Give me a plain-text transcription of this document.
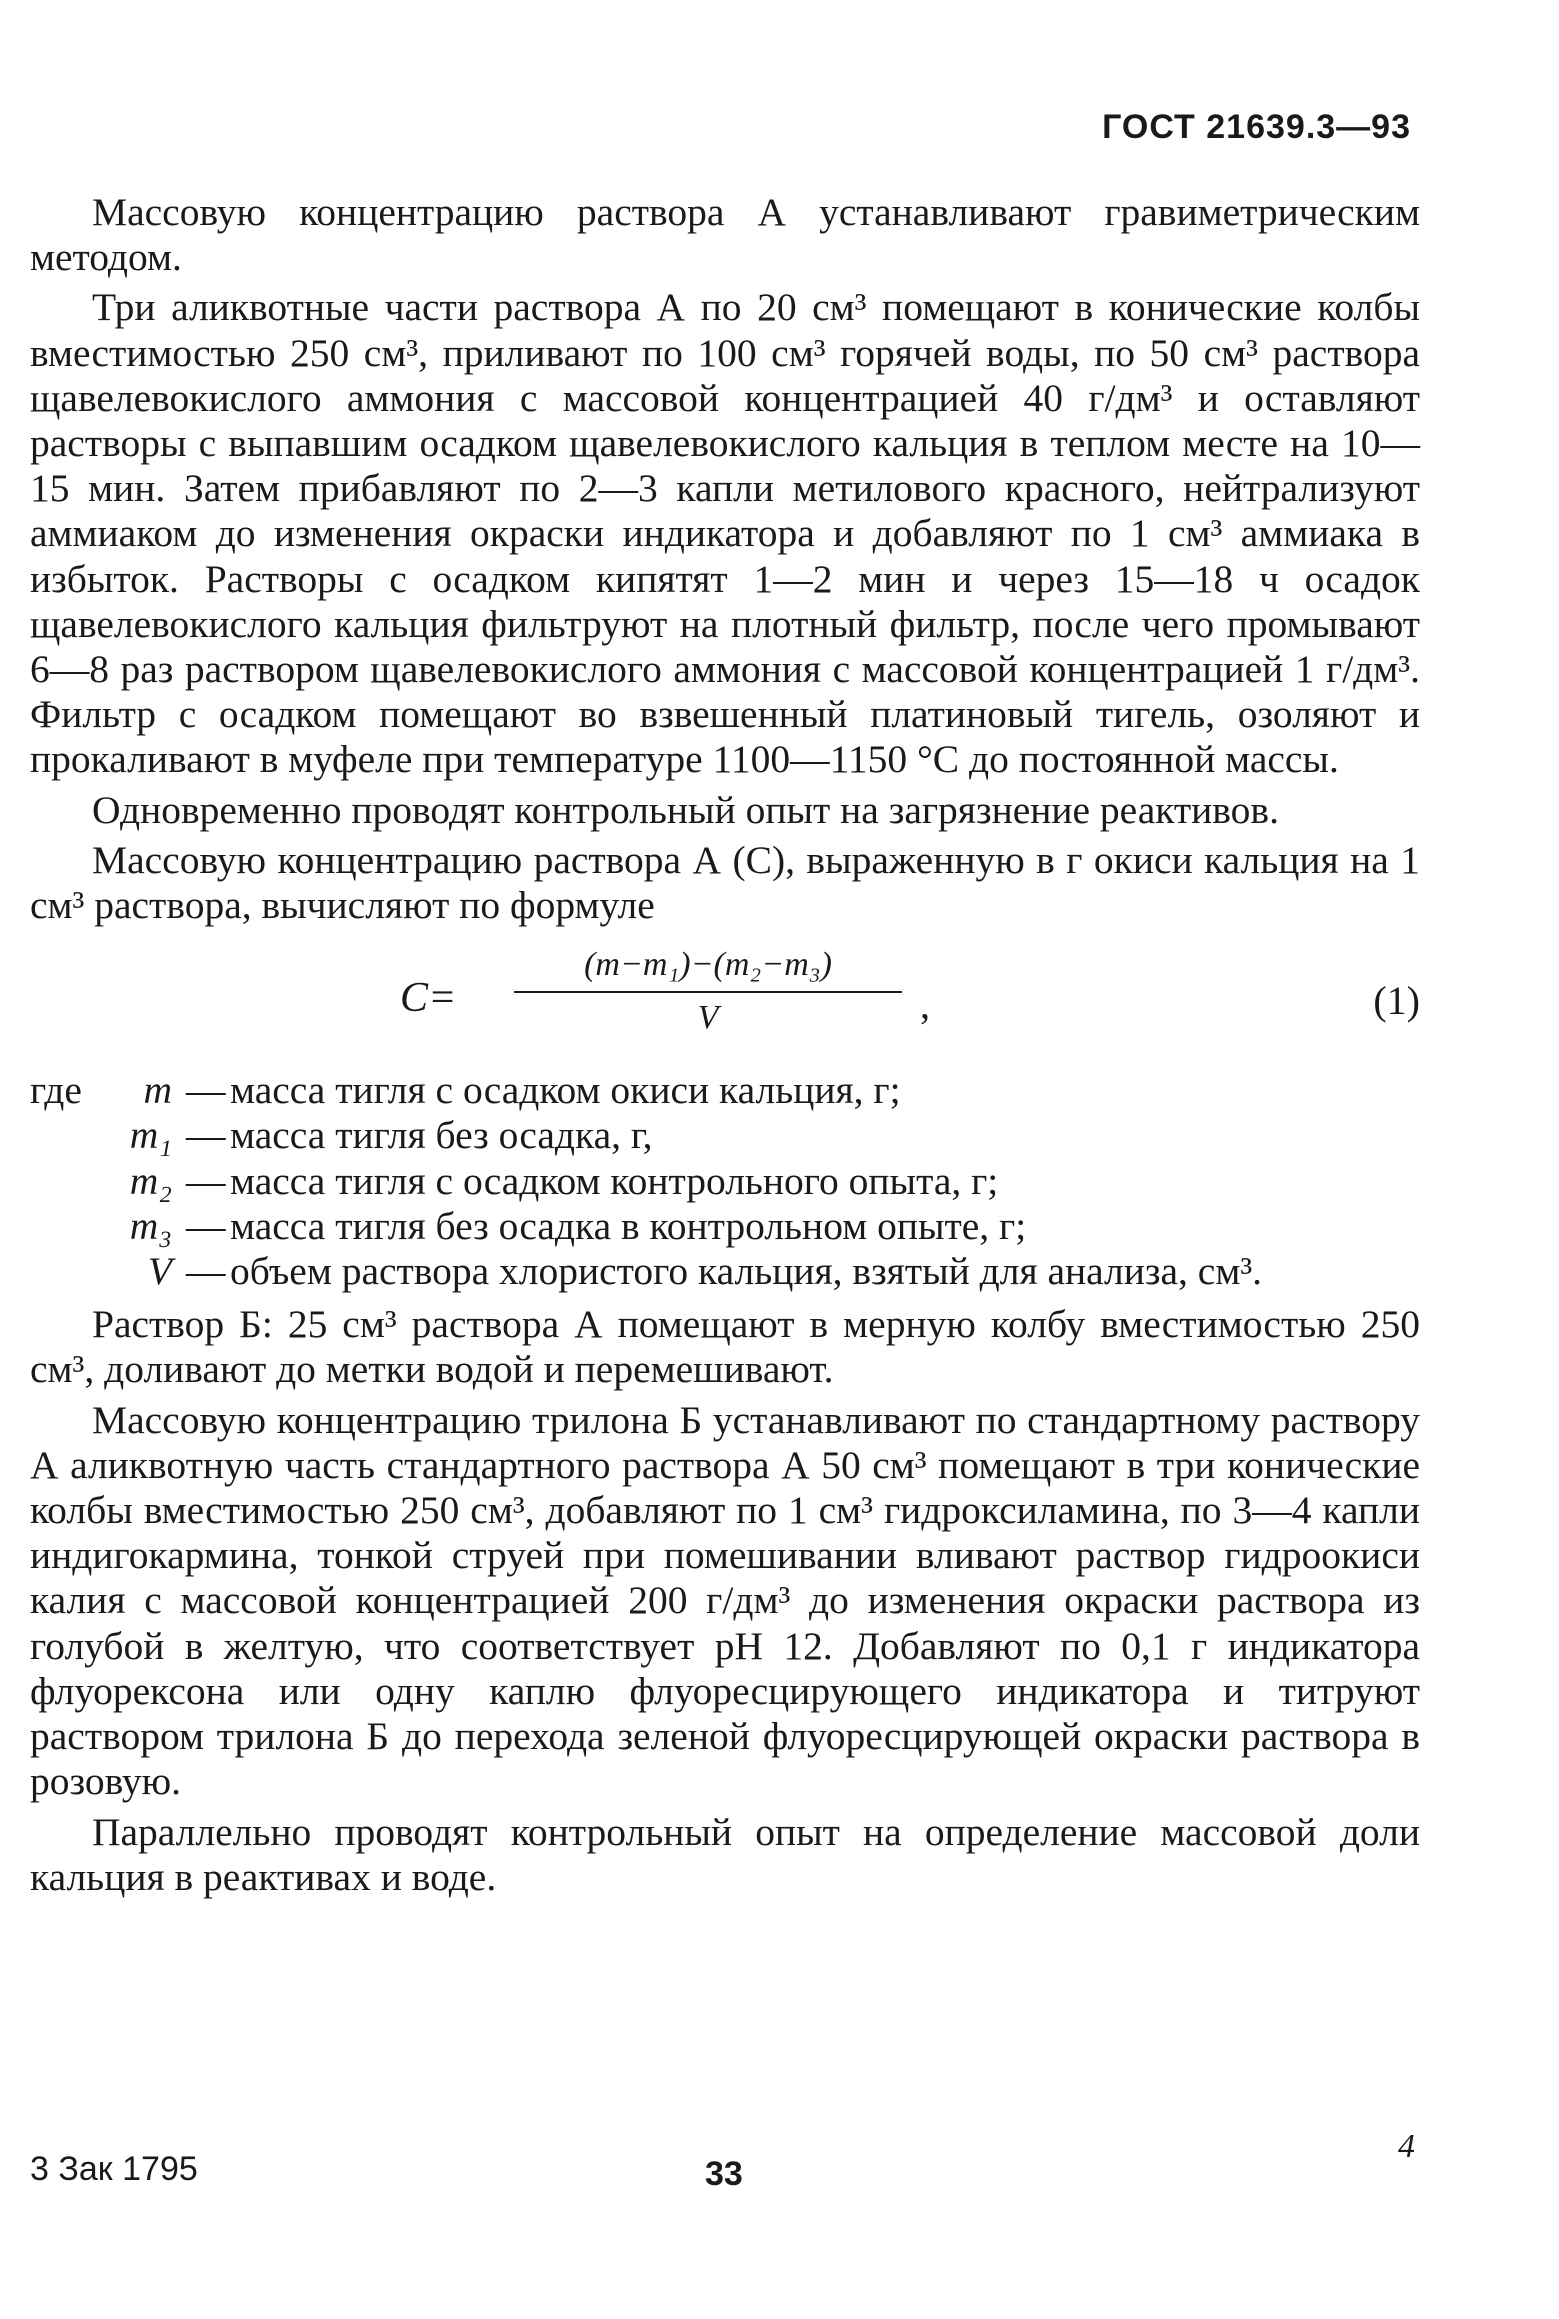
ГОСТ 21639.3—93

Массовую концентрацию раствора А устанавливают гравиметрическим методом.

Три аликвотные части раствора А по 20 см³ помещают в конические колбы вместимостью 250 см³, приливают по 100 см³ горячей воды, по 50 см³ раствора щавелевокислого аммония с массовой концентрацией 40 г/дм³ и оставляют растворы с выпавшим осадком щавелевокислого кальция в теплом месте на 10—15 мин. Затем прибавляют по 2—3 капли метилового красного, нейтрализуют аммиаком до изменения окраски индикатора и добавляют по 1 см³ аммиака в избыток. Растворы с осадком кипятят 1—2 мин и через 15—18 ч осадок щавелевокислого кальция фильтруют на плотный фильтр, после чего промывают 6—8 раз раствором щавелевокислого аммония с массовой концентрацией 1 г/дм³. Фильтр с осадком помещают во взвешенный платиновый тигель, озоляют и прокаливают в муфеле при температуре 1100—1150 °С до постоянной массы.

Одновременно проводят контрольный опыт на загрязнение реактивов.

Массовую концентрацию раствора А (С), выраженную в г окиси кальция на 1 см³ раствора, вычисляют по формуле

C=
(m−m₁)−(m₂−m₃)
V	,	(1)
где	m — масса тигля с осадком окиси кальция, г;
m₁ — масса тигля без осадка, г,
m₂ — масса тигля с осадком контрольного опыта, г;
m₃ — масса тигля без осадка в контрольном опыте, г;
V — объем раствора хлористого кальция, взятый для анализа, см³.

Раствор Б: 25 см³ раствора А помещают в мерную колбу вместимостью 250 см³, доливают до метки водой и перемешивают.

Массовую концентрацию трилона Б устанавливают по стандартному раствору А аликвотную часть стандартного раствора А 50 см³ помещают в три конические колбы вместимостью 250 см³, добавляют по 1 см³ гидроксиламина, по 3—4 капли индигокармина, тонкой струей при помешивании вливают раствор гидроокиси калия с массовой концентрацией 200 г/дм³ до изменения окраски раствора из голубой в желтую, что соответствует рН 12. Добавляют по 0,1 г индикатора флуорексона или одну каплю флуоресцирующего индикатора и титруют раствором трилона Б до перехода зеленой флуоресцирующей окраски раствора в розовую.

Параллельно проводят контрольный опыт на определение массовой доли кальция в реактивах и воде.

3 Зак 1795	33
4
